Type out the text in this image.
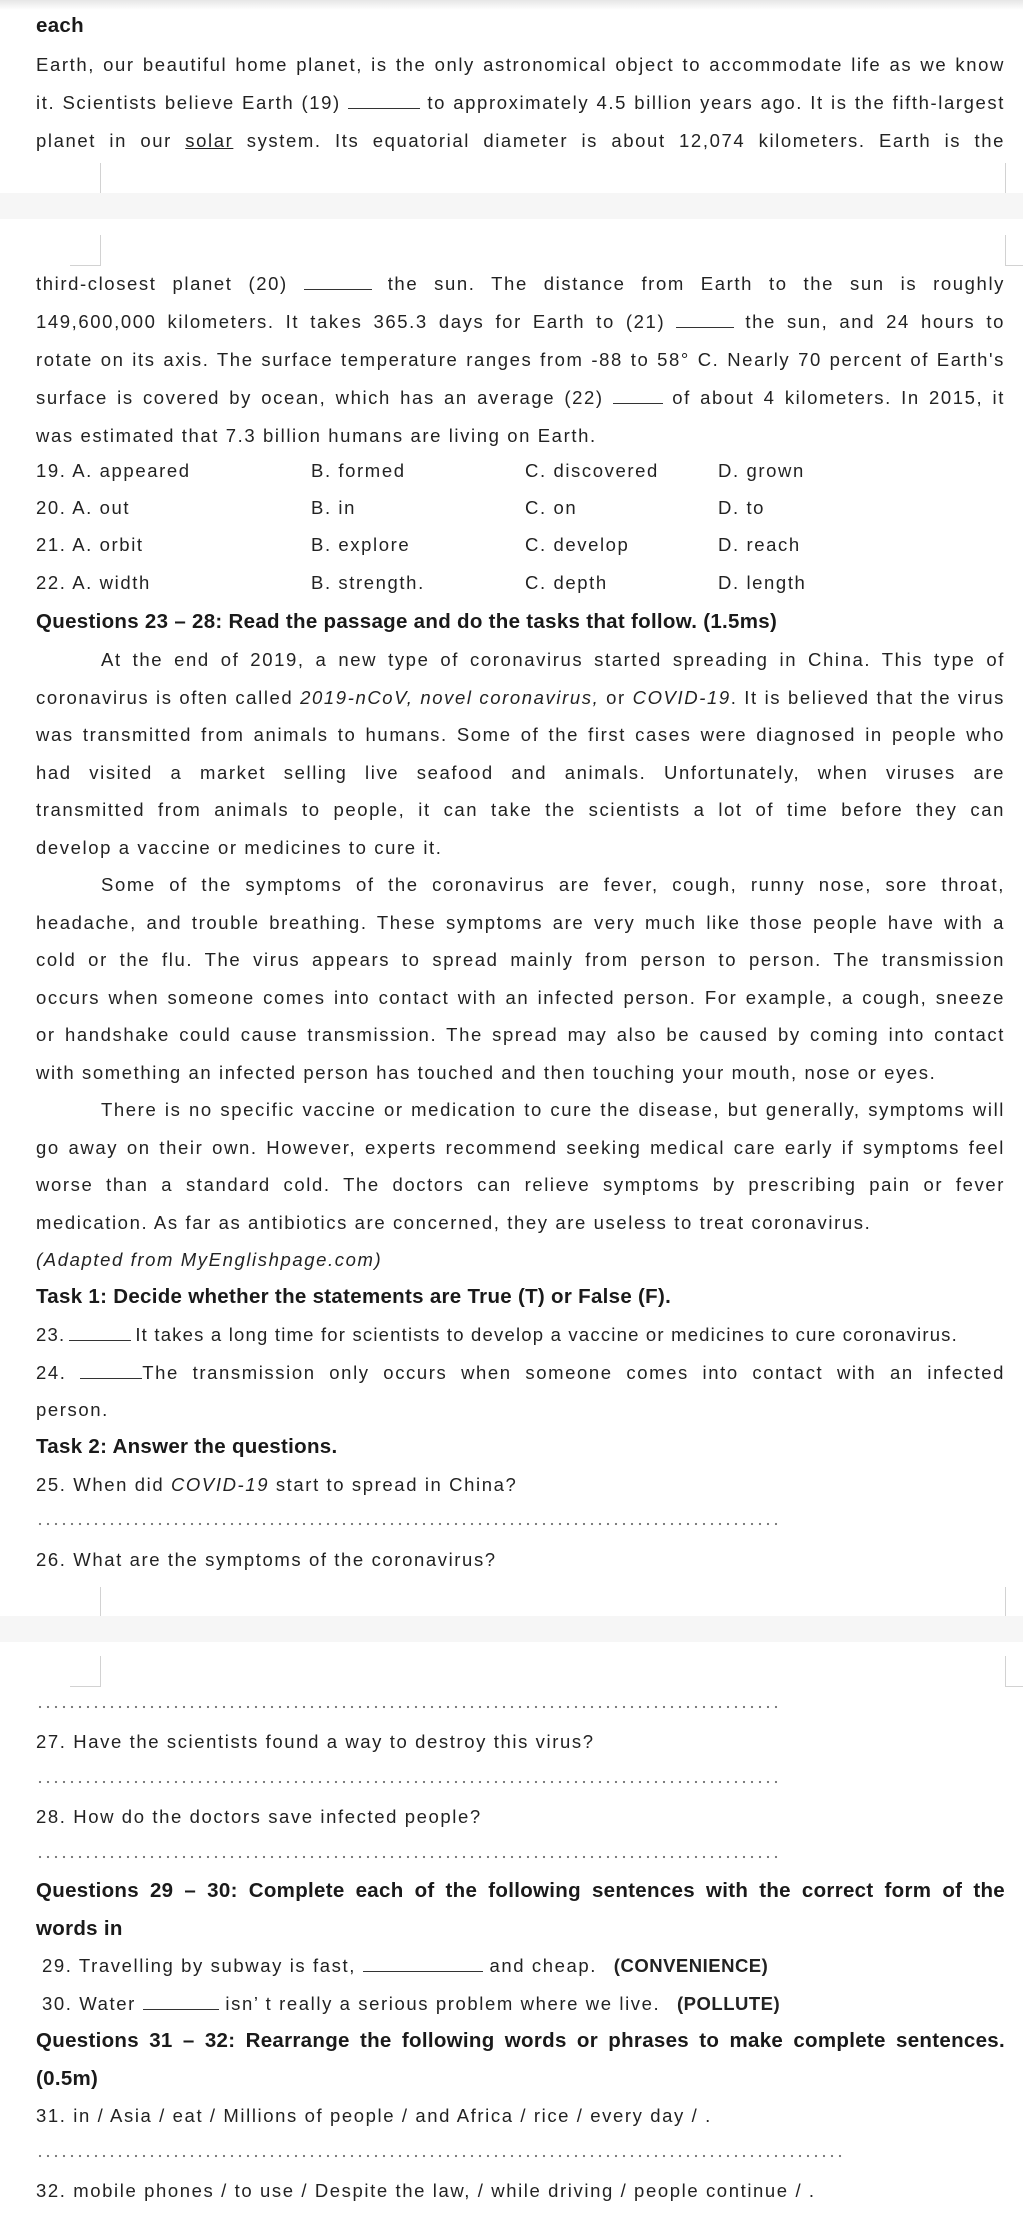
each
Earth, our beautiful home planet, is the only astronomical object to accommodate life as we know
it. Scientists believe Earth (19)	to approximately 4.5 billion years ago. It is the fifth-largest
planet in our solar system. Its equatorial diameter is about 12,074 kilometers. Earth is the
third-closest planet (20)	the sun. The distance from Earth to the sun is roughly
149,600,000 kilometers. It takes 365.3 days for Earth to (21)	the sun, and 24 hours to
rotate on its axis. The surface temperature ranges from -88 to 58° C. Nearly 70 percent of Earth's
surface is covered by ocean, which has an average (22)	of about 4 kilometers. In 2015, it
was estimated that 7.3 billion humans are living on Earth.
19. A. appeared	B. formed	C. discovered	D. grown
20. A. out	B. in	C. on	D. to
21. A. orbit	B. explore	C. develop	D. reach
22. A. width	B. strength.	C. depth	D. length
Questions 23 – 28: Read the passage and do the tasks that follow. (1.5ms)
At the end of 2019, a new type of coronavirus started spreading in China. This type of
coronavirus is often called 2019-nCoV, novel coronavirus, or COVID-19. It is believed that the virus
was transmitted from animals to humans. Some of the first cases were diagnosed in people who
had visited a market selling live seafood and animals. Unfortunately, when viruses are
transmitted from animals to people, it can take the scientists a lot of time before they can
develop a vaccine or medicines to cure it.
Some of the symptoms of the coronavirus are fever, cough, runny nose, sore throat,
headache, and trouble breathing. These symptoms are very much like those people have with a
cold or the flu. The virus appears to spread mainly from person to person. The transmission
occurs when someone comes into contact with an infected person. For example, a cough, sneeze
or handshake could cause transmission. The spread may also be caused by coming into contact
with something an infected person has touched and then touching your mouth, nose or eyes.
There is no specific vaccine or medication to cure the disease, but generally, symptoms will
go away on their own. However, experts recommend seeking medical care early if symptoms feel
worse than a standard cold. The doctors can relieve symptoms by prescribing pain or fever
medication. As far as antibiotics are concerned, they are useless to treat coronavirus.
(Adapted from MyEnglishpage.com)
Task 1: Decide whether the statements are True (T) or False (F).
23.	It takes a long time for scientists to develop a vaccine or medicines to cure coronavirus.
24.	The transmission only occurs when someone comes into contact with an infected
person.
Task 2: Answer the questions.
25. When did COVID-19 start to spread in China?
26. What are the symptoms of the coronavirus?
27. Have the scientists found a way to destroy this virus?
28. How do the doctors save infected people?
Questions 29 – 30: Complete each of the following sentences with the correct form of the
words in
29. Travelling by subway is fast,	and cheap. (CONVENIENCE)
30. Water	isn’ t really a serious problem where we live. (POLLUTE)
Questions 31 – 32: Rearrange the following words or phrases to make complete sentences.
(0.5m)
31. in / Asia / eat / Millions of people / and Africa / rice / every day / .
32. mobile phones / to use / Despite the law, / while driving / people continue / .
